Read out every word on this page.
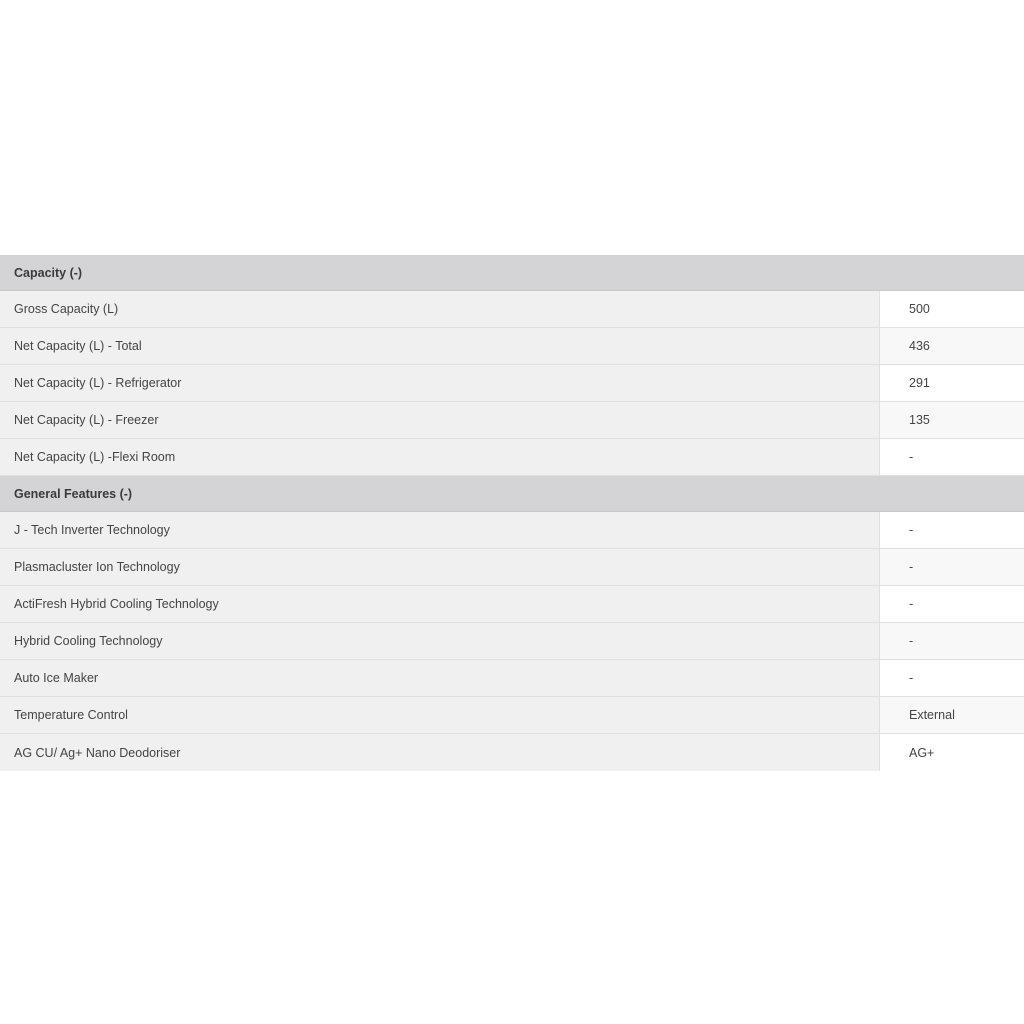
Capacity (-)
Gross Capacity (L)	500
Net Capacity (L) - Total	436
Net Capacity (L) - Refrigerator	291
Net Capacity (L) - Freezer	135
Net Capacity (L) -Flexi Room	-
General Features (-)
J - Tech Inverter Technology	-
Plasmacluster Ion Technology	-
ActiFresh Hybrid Cooling Technology	-
Hybrid Cooling Technology	-
Auto Ice Maker	-
Temperature Control	External
AG CU/ Ag+ Nano Deodoriser	AG+
